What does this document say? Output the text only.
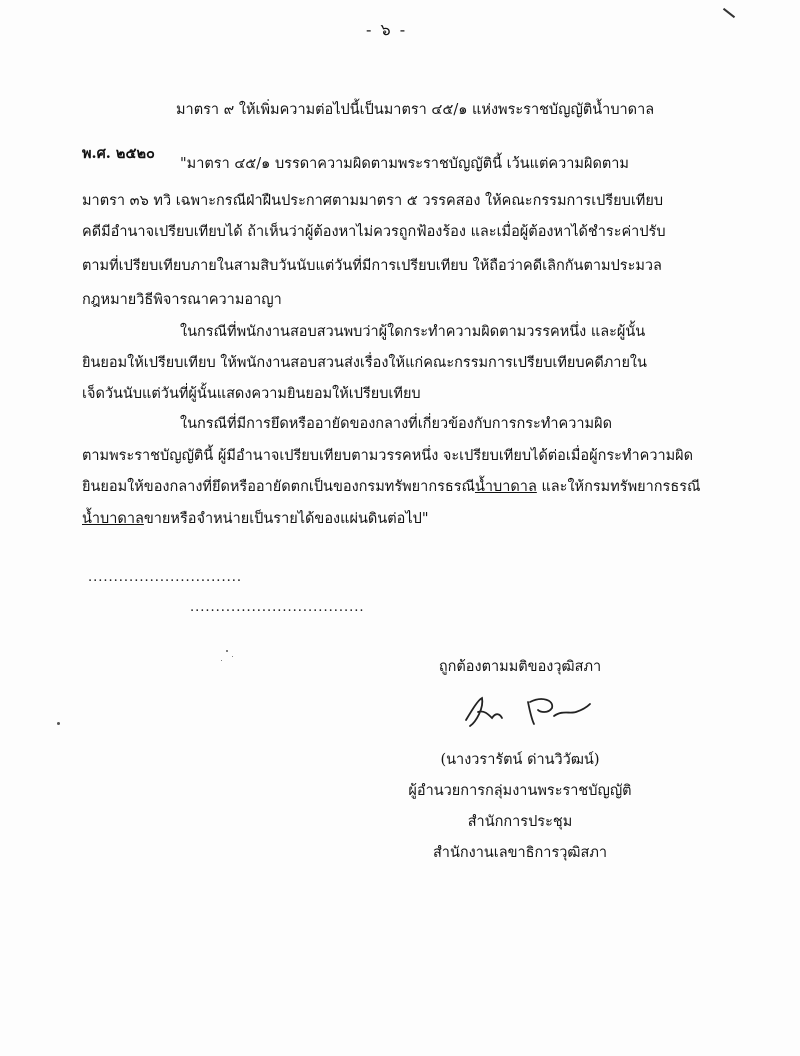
- ๖ -
มาตรา ๙ ให้เพิ่มความต่อไปนี้เป็นมาตรา ๔๕/๑ แห่งพระราชบัญญัติน้ำบาดาล
พ.ศ. ๒๕๒๐
"มาตรา ๔๕/๑ บรรดาความผิดตามพระราชบัญญัตินี้ เว้นแต่ความผิดตาม
มาตรา ๓๖ ทวิ เฉพาะกรณีฝ่าฝืนประกาศตามมาตรา ๕ วรรคสอง ให้คณะกรรมการเปรียบเทียบ
คดีมีอำนาจเปรียบเทียบได้ ถ้าเห็นว่าผู้ต้องหาไม่ควรถูกฟ้องร้อง และเมื่อผู้ต้องหาได้ชำระค่าปรับ
ตามที่เปรียบเทียบภายในสามสิบวันนับแต่วันที่มีการเปรียบเทียบ ให้ถือว่าคดีเลิกกันตามประมวล
กฎหมายวิธีพิจารณาความอาญา
ในกรณีที่พนักงานสอบสวนพบว่าผู้ใดกระทำความผิดตามวรรคหนึ่ง และผู้นั้น
ยินยอมให้เปรียบเทียบ ให้พนักงานสอบสวนส่งเรื่องให้แก่คณะกรรมการเปรียบเทียบคดีภายใน
เจ็ดวันนับแต่วันที่ผู้นั้นแสดงความยินยอมให้เปรียบเทียบ
ในกรณีที่มีการยึดหรืออายัดของกลางที่เกี่ยวข้องกับการกระทำความผิด
ตามพระราชบัญญัตินี้ ผู้มีอำนาจเปรียบเทียบตามวรรคหนึ่ง จะเปรียบเทียบได้ต่อเมื่อผู้กระทำความผิด
ยินยอมให้ของกลางที่ยึดหรืออายัดตกเป็นของกรมทรัพยากรธรณีน้ำบาดาล และให้กรมทรัพยากรธรณี
น้ำบาดาลขายหรือจำหน่ายเป็นรายได้ของแผ่นดินต่อไป"
..............................
..................................
ถูกต้องตามมติของวุฒิสภา
(นางวรารัตน์ ด่านวิวัฒน์)
ผู้อำนวยการกลุ่มงานพระราชบัญญัติ
สำนักการประชุม
สำนักงานเลขาธิการวุฒิสภา
